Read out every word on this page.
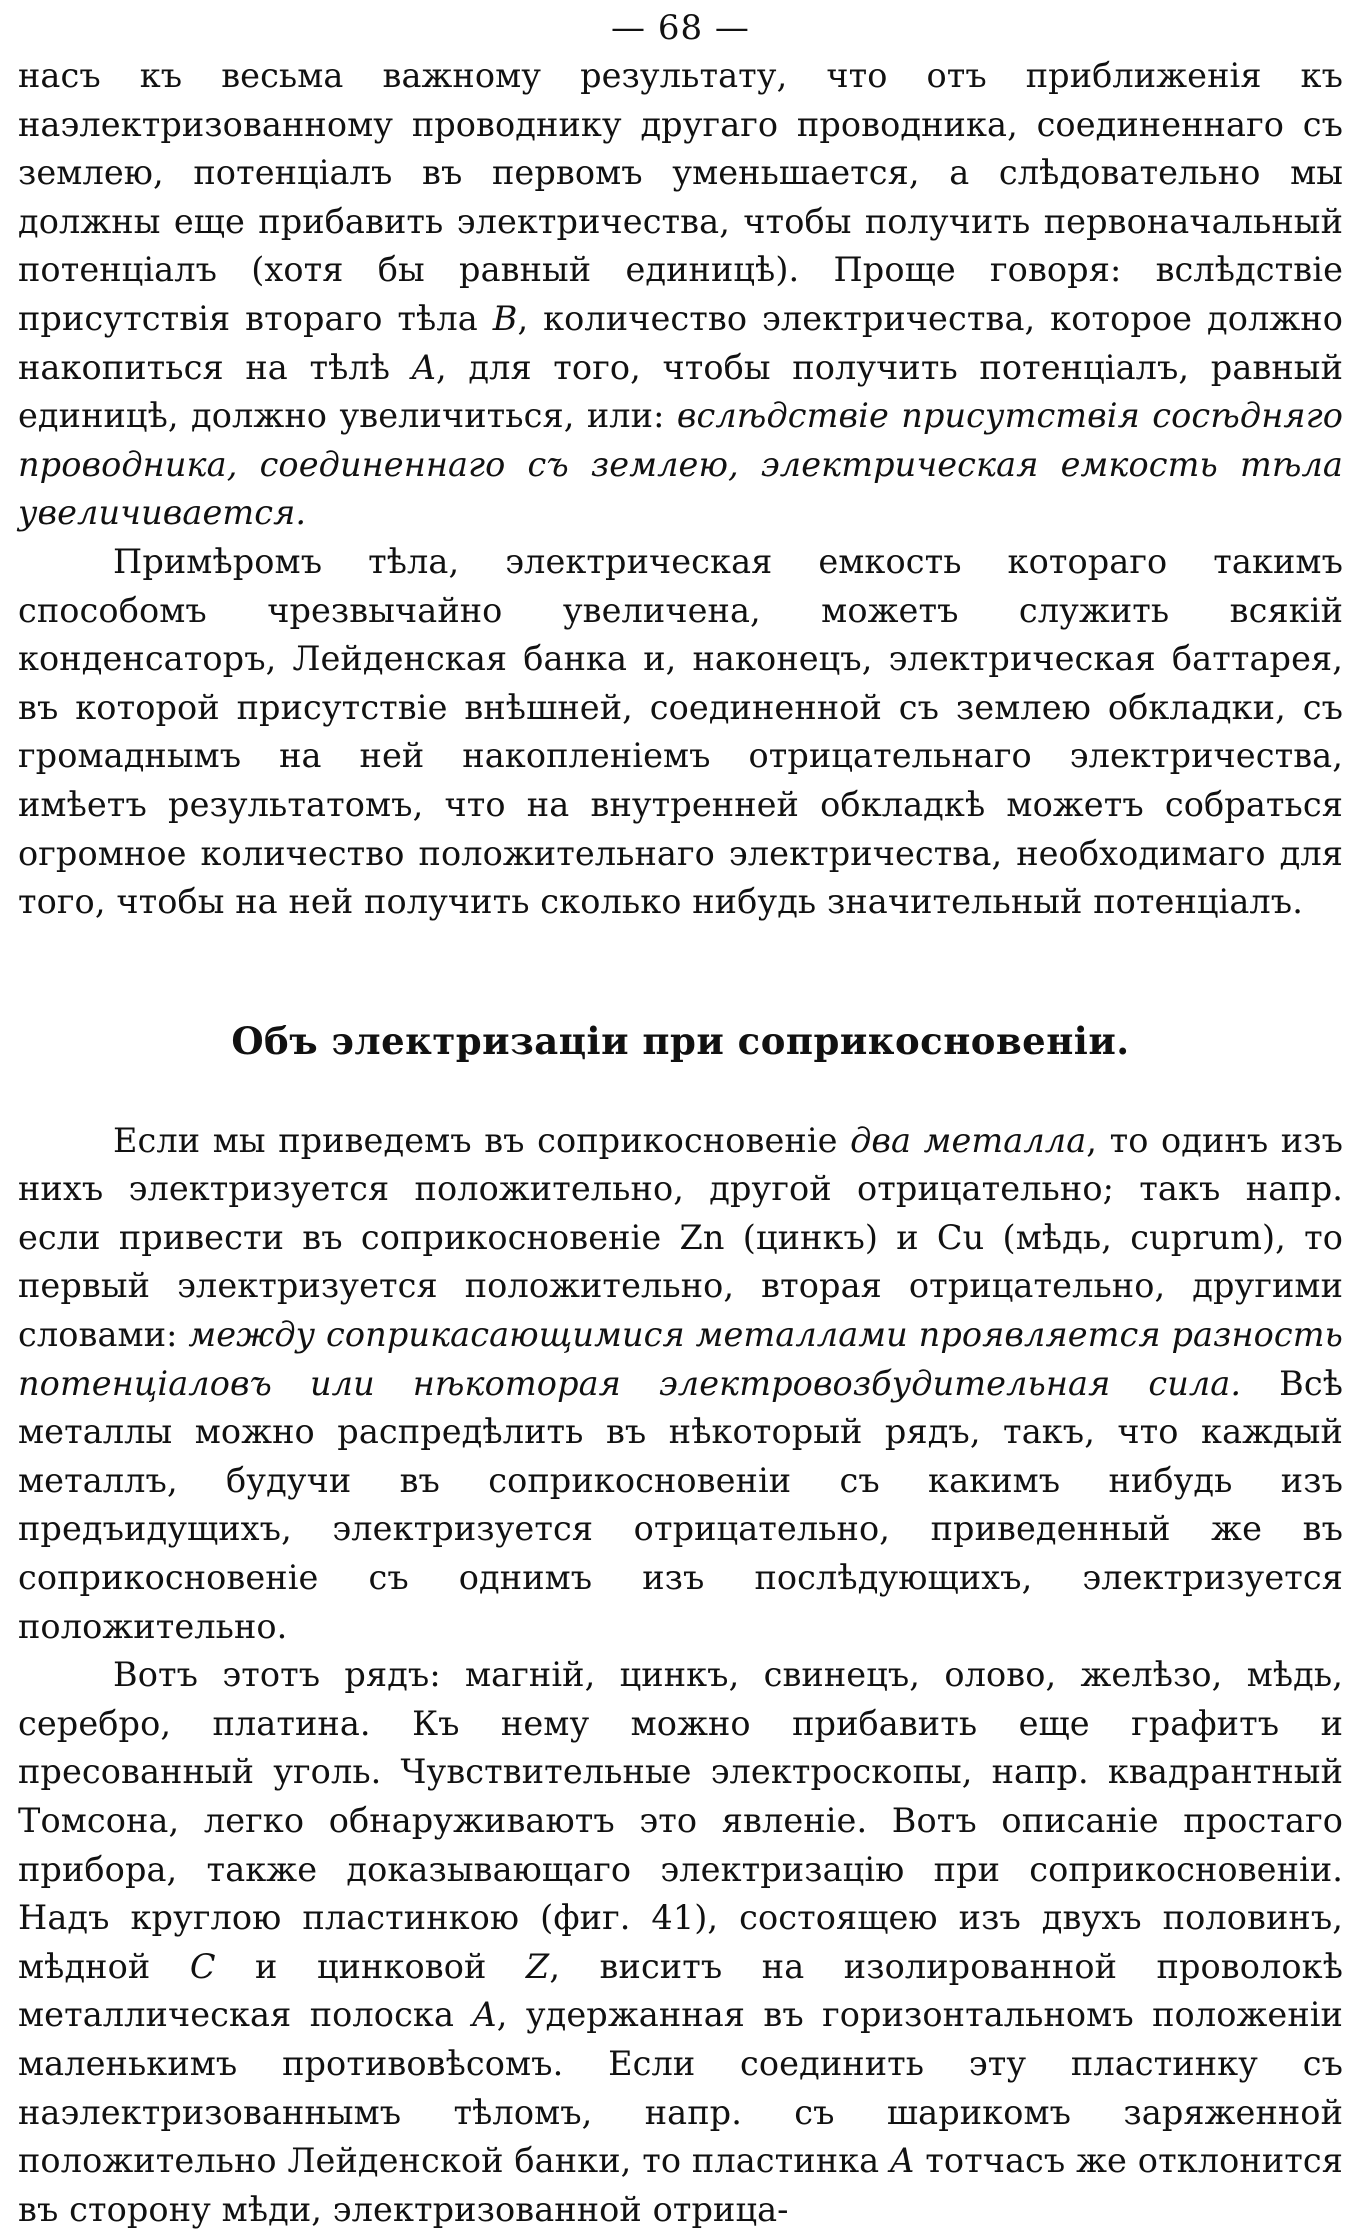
— 68 —

насъ къ весьма важному результату, что отъ приближенія къ наэлектризованному проводнику другаго проводника, соединеннаго съ землею, потенціалъ въ первомъ уменьшается, а слѣдовательно мы должны еще прибавить электричества, чтобы получить первоначальный потенціалъ (хотя бы равный единицѣ). Проще говоря: вслѣдствіе присутствія втораго тѣла B, количество электричества, которое должно накопиться на тѣлѣ A, для того, чтобы получить потенціалъ, равный единицѣ, должно увеличиться, или: вслѣдствіе присутствія сосѣдняго проводника, соединеннаго съ землею, электрическая емкость тѣла увеличивается.

Примѣромъ тѣла, электрическая емкость котораго такимъ способомъ чрезвычайно увеличена, можетъ служить всякій конденсаторъ, Лейденская банка и, наконецъ, электрическая баттарея, въ которой присутствіе внѣшней, соединенной съ землею обкладки, съ громаднымъ на ней накопленіемъ отрицательнаго электричества, имѣетъ результатомъ, что на внутренней обкладкѣ можетъ собраться огромное количество положительнаго электричества, необходимаго для того, чтобы на ней получить сколько нибудь значительный потенціалъ.

Объ электризаціи при соприкосновеніи.

Если мы приведемъ въ соприкосновеніе два металла, то одинъ изъ нихъ электризуется положительно, другой отрицательно; такъ напр. если привести въ соприкосновеніе Zn (цинкъ) и Cu (мѣдь, cuprum), то первый электризуется положительно, вторая отрицательно, другими словами: между соприкасающимися металлами проявляется разность потенціаловъ или нѣкоторая электровозбудительная сила. Всѣ металлы можно распредѣлить въ нѣкоторый рядъ, такъ, что каждый металлъ, будучи въ соприкосновеніи съ какимъ нибудь изъ предъидущихъ, электризуется отрицательно, приведенный же въ соприкосновеніе съ однимъ изъ послѣдующихъ, электризуется положительно.

Вотъ этотъ рядъ: магній, цинкъ, свинецъ, олово, желѣзо, мѣдь, серебро, платина. Къ нему можно прибавить еще графитъ и пресованный уголь. Чувствительные электроскопы, напр. квадрантный Томсона, легко обнаруживаютъ это явленіе. Вотъ описаніе простаго прибора, также доказывающаго электризацію при соприкосновеніи. Надъ круглою пластинкою (фиг. 41), состоящею изъ двухъ половинъ, мѣдной C и цинковой Z, виситъ на изолированной проволокѣ металлическая полоска A, удержанная въ горизонтальномъ положеніи маленькимъ противовѣсомъ. Если соединить эту пластинку съ наэлектризованнымъ тѣломъ, напр. съ шарикомъ заряженной положительно Лейденской банки, то пластинка A тотчасъ же отклонится въ сторону мѣди, электризованной отрица-
